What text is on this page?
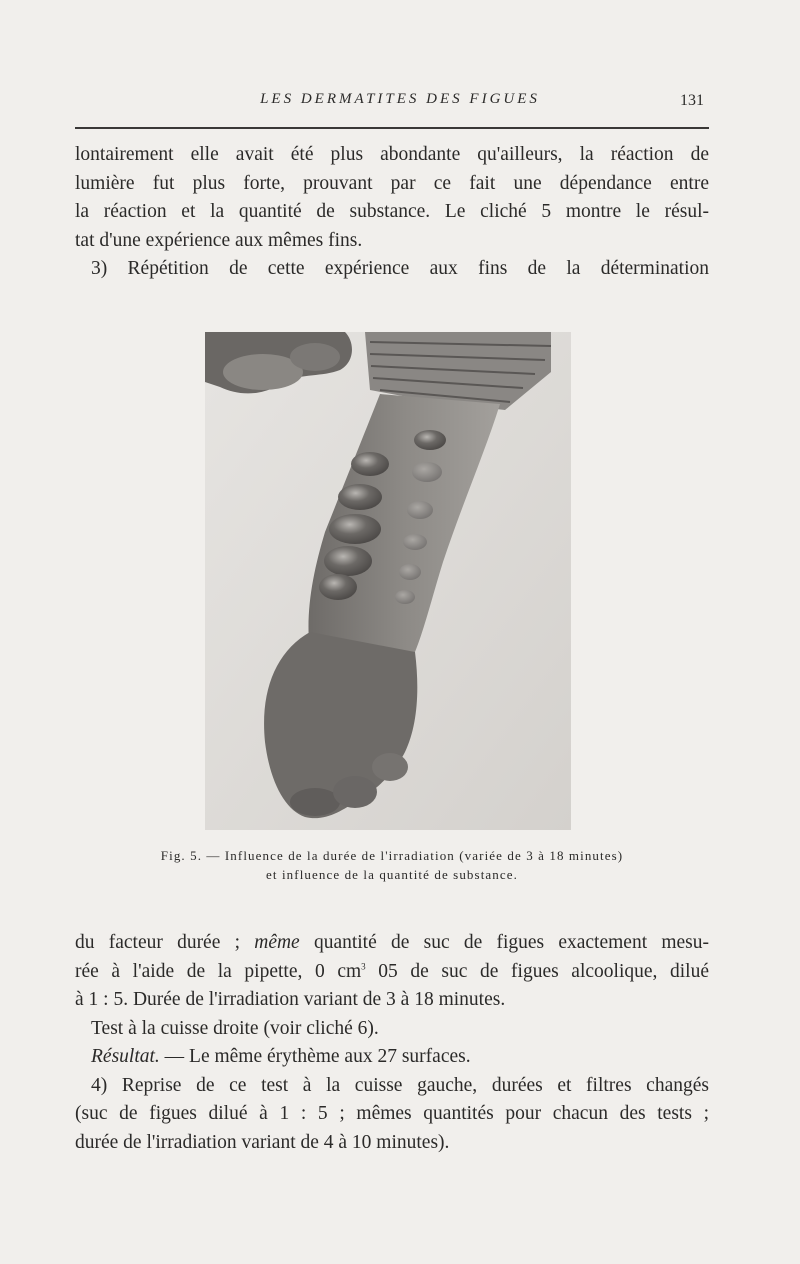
LES DERMATITES DES FIGUES	131
lontairement elle avait été plus abondante qu'ailleurs, la réaction de
lumière fut plus forte, prouvant par ce fait une dépendance entre
la réaction et la quantité de substance. Le cliché 5 montre le résul-
tat d'une expérience aux mêmes fins.
3) Répétition de cette expérience aux fins de la détermination
Fig. 5. — Influence de la durée de l'irradiation (variée de 3 à 18 minutes)
et influence de la quantité de substance.
du facteur durée ; même quantité de suc de figues exactement mesu-
rée à l'aide de la pipette, 0 $cm^3$ 05 de suc de figues alcoolique, dilué
à 1 : 5. Durée de l'irradiation variant de 3 à 18 minutes.
Test à la cuisse droite (voir cliché 6).
Résultat. — Le même érythème aux 27 surfaces.
4) Reprise de ce test à la cuisse gauche, durées et filtres changés
(suc de figues dilué à 1 : 5 ; mêmes quantités pour chacun des tests ;
durée de l'irradiation variant de 4 à 10 minutes).
